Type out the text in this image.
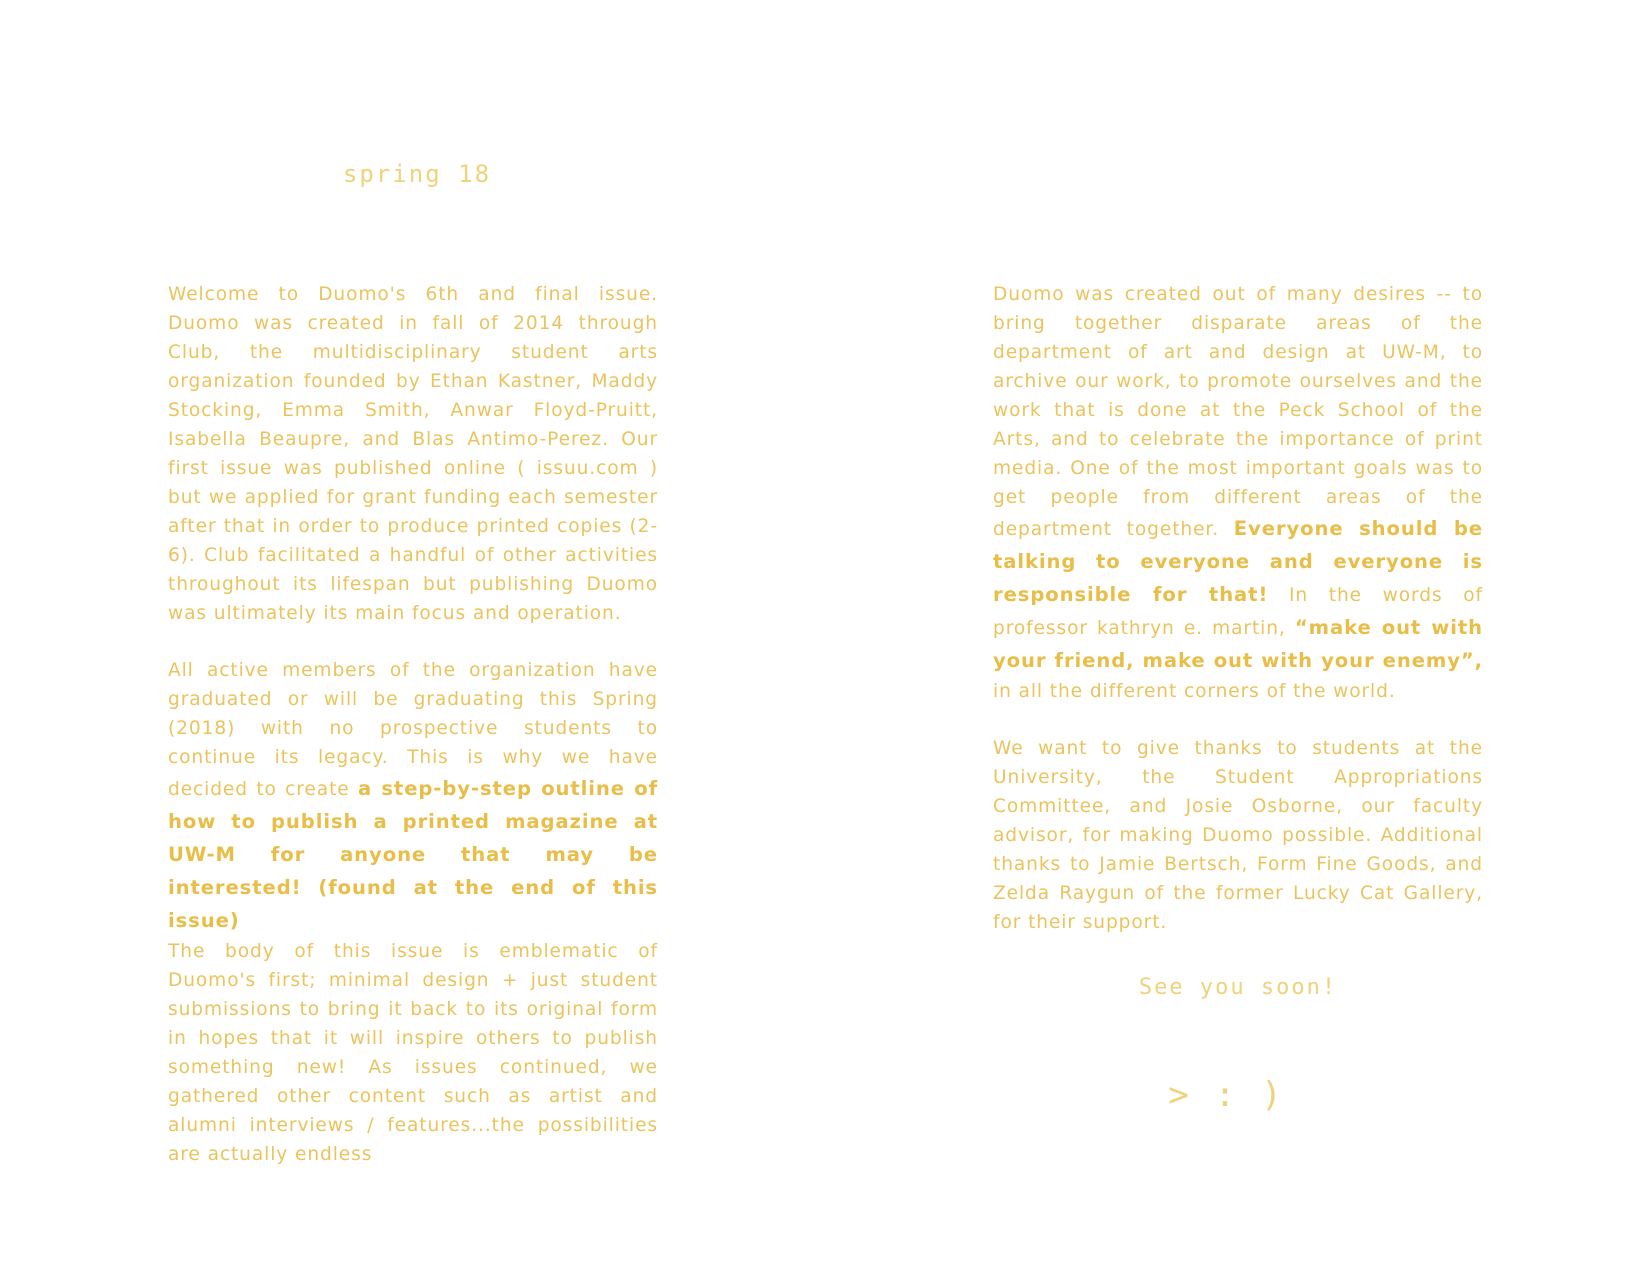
spring 18

Welcome to Duomo's 6th and final issue. Duomo was created in fall of 2014 through Club, the multidisciplinary student arts organization founded by Ethan Kastner, Maddy Stocking, Emma Smith, Anwar Floyd-Pruitt, Isabella Beaupre, and Blas Antimo-Perez. Our first issue was published online ( issuu.com ) but we applied for grant funding each semester after that in order to produce printed copies (2-6). Club facilitated a handful of other activities throughout its lifespan but publishing Duomo was ultimately its main focus and operation.

All active members of the organization have graduated or will be graduating this Spring (2018) with no prospective students to continue its legacy. This is why we have decided to create a step-by-step outline of how to publish a printed magazine at UW-M for anyone that may be interested! (found at the end of this issue)

The body of this issue is emblematic of Duomo's first; minimal design + just student submissions to bring it back to its original form in hopes that it will inspire others to publish something new! As issues continued, we gathered other content such as artist and alumni interviews / features...the possibilities are actually endless

Duomo was created out of many desires -- to bring together disparate areas of the department of art and design at UW-M, to archive our work, to promote ourselves and the work that is done at the Peck School of the Arts, and to celebrate the importance of print media. One of the most important goals was to get people from different areas of the department together. Everyone should be talking to everyone and everyone is responsible for that! In the words of professor kathryn e. martin, “make out with your friend, make out with your enemy”, in all the different corners of the world.

We want to give thanks to students at the University, the Student Appropriations Committee, and Josie Osborne, our faculty advisor, for making Duomo possible. Additional thanks to Jamie Bertsch, Form Fine Goods, and Zelda Raygun of the former Lucky Cat Gallery, for their support.

See you soon!
>:)
